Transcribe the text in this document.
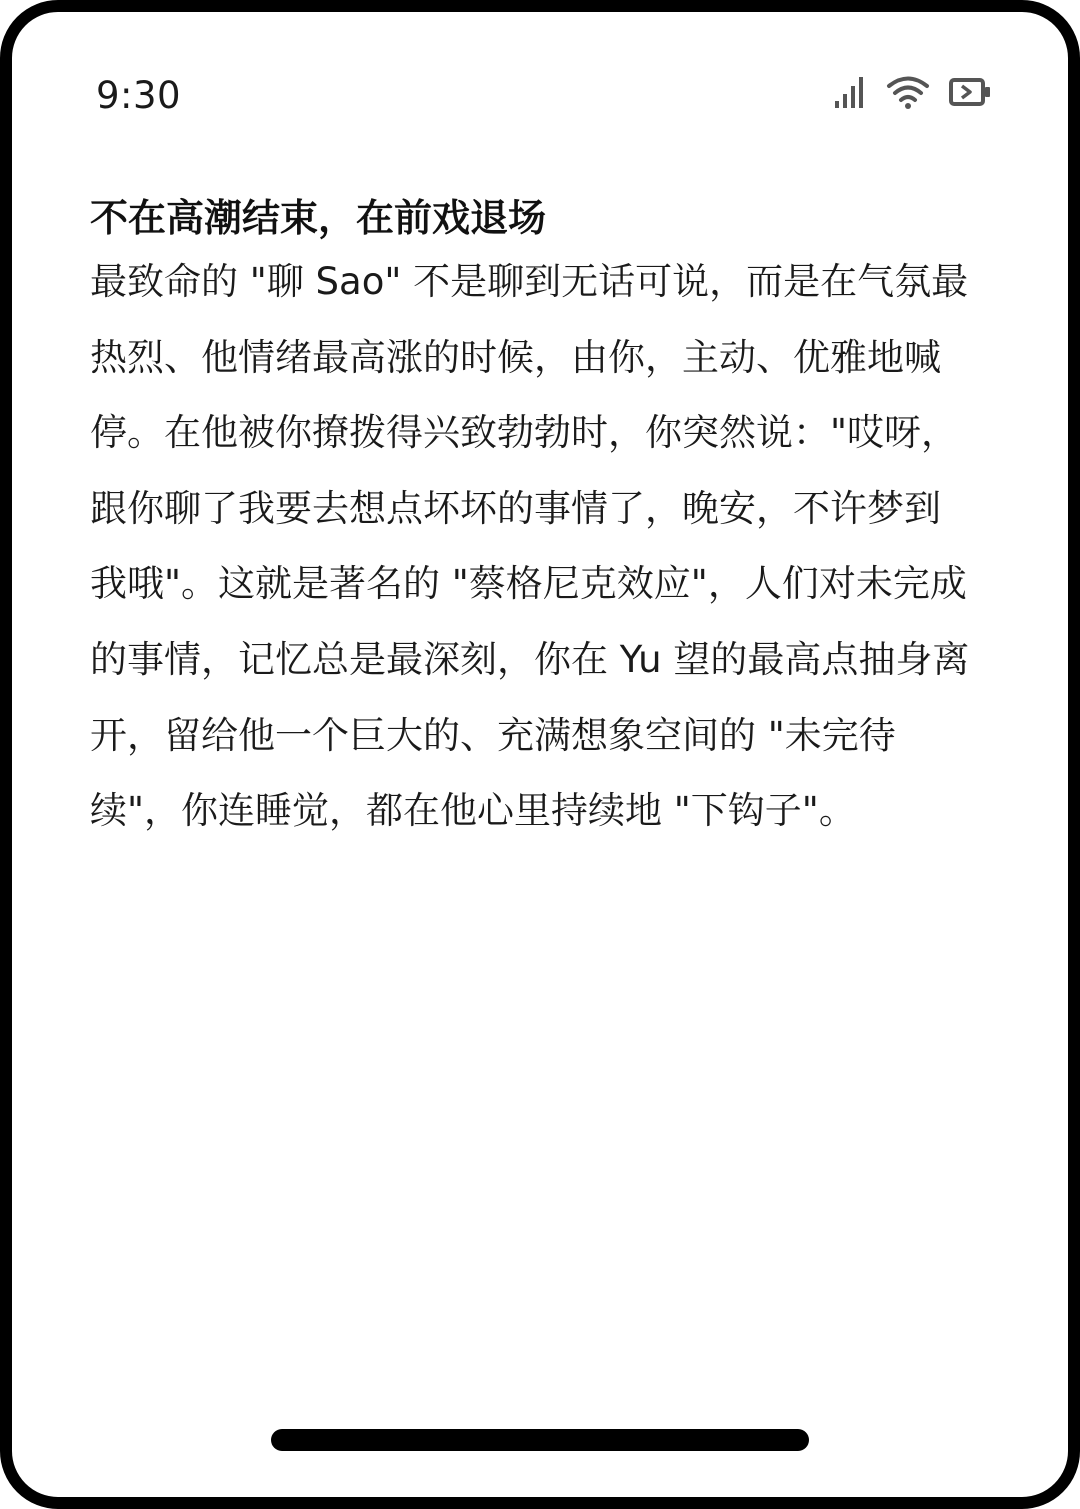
9:30
不在高潮结束，在前戏退场
最致命的 "聊 Sao" 不是聊到无话可说，而是在气氛最
热烈、他情绪最高涨的时候，由你，主动、优雅地喊
停。在他被你撩拨得兴致勃勃时，你突然说："哎呀，
跟你聊了我要去想点坏坏的事情了，晚安，不许梦到
我哦"。这就是著名的 "蔡格尼克效应"，人们对未完成
的事情，记忆总是最深刻，你在 Yu 望的最高点抽身离
开，留给他一个巨大的、充满想象空间的 "未完待
续"，你连睡觉，都在他心里持续地 "下钩子"。
